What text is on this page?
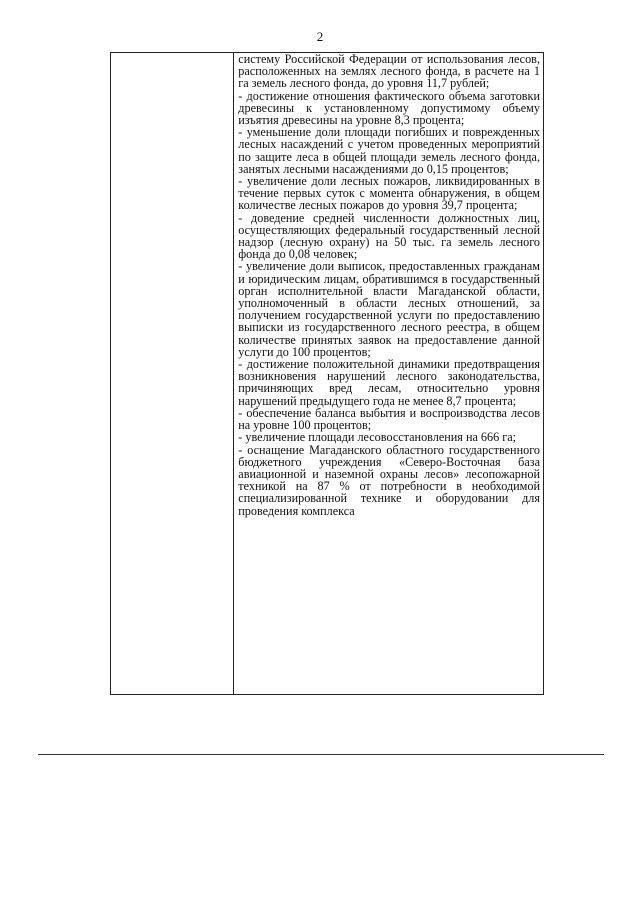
2

систему Российской Федерации от использования лесов, расположенных на землях лесного фонда, в расчете на 1 га земель лесного фонда, до уровня 11,7 рублей;
- достижение отношения фактического объема заготовки древесины к установленному допустимому объему изъятия древесины на уровне 8,3 процента;
- уменьшение доли площади погибших и поврежденных лесных насаждений с учетом проведенных мероприятий по защите леса в общей площади земель лесного фонда, занятых лесными насаждениями до 0,15 процентов;
- увеличение доли лесных пожаров, ликвидированных в течение первых суток с момента обнаружения, в общем количестве лесных пожаров до уровня 39,7 процента;
- доведение средней численности должностных лиц, осуществляющих федеральный государственный лесной надзор (лесную охрану) на 50 тыс. га земель лесного фонда до 0,08 человек;
- увеличение доли выписок, предоставленных гражданам и юридическим лицам, обратившимся в государственный орган исполнительной власти Магаданской области, уполномоченный в области лесных отношений, за получением государственной услуги по предоставлению выписки из государственного лесного реестра, в общем количестве принятых заявок на предоставление данной услуги до 100 процентов;
- достижение положительной динамики предотвращения возникновения нарушений лесного законодательства, причиняющих вред лесам, относительно уровня нарушений предыдущего года не менее 8,7 процента;
- обеспечение баланса выбытия и воспроизводства лесов на уровне 100 процентов;
- увеличение площади лесовосстановления на 666 га;
- оснащение Магаданского областного государственного бюджетного учреждения «Северо-Восточная база авиационной и наземной охраны лесов» лесопожарной техникой на 87 % от потребности в необходимой специализированной технике и оборудовании для проведения комплекса
